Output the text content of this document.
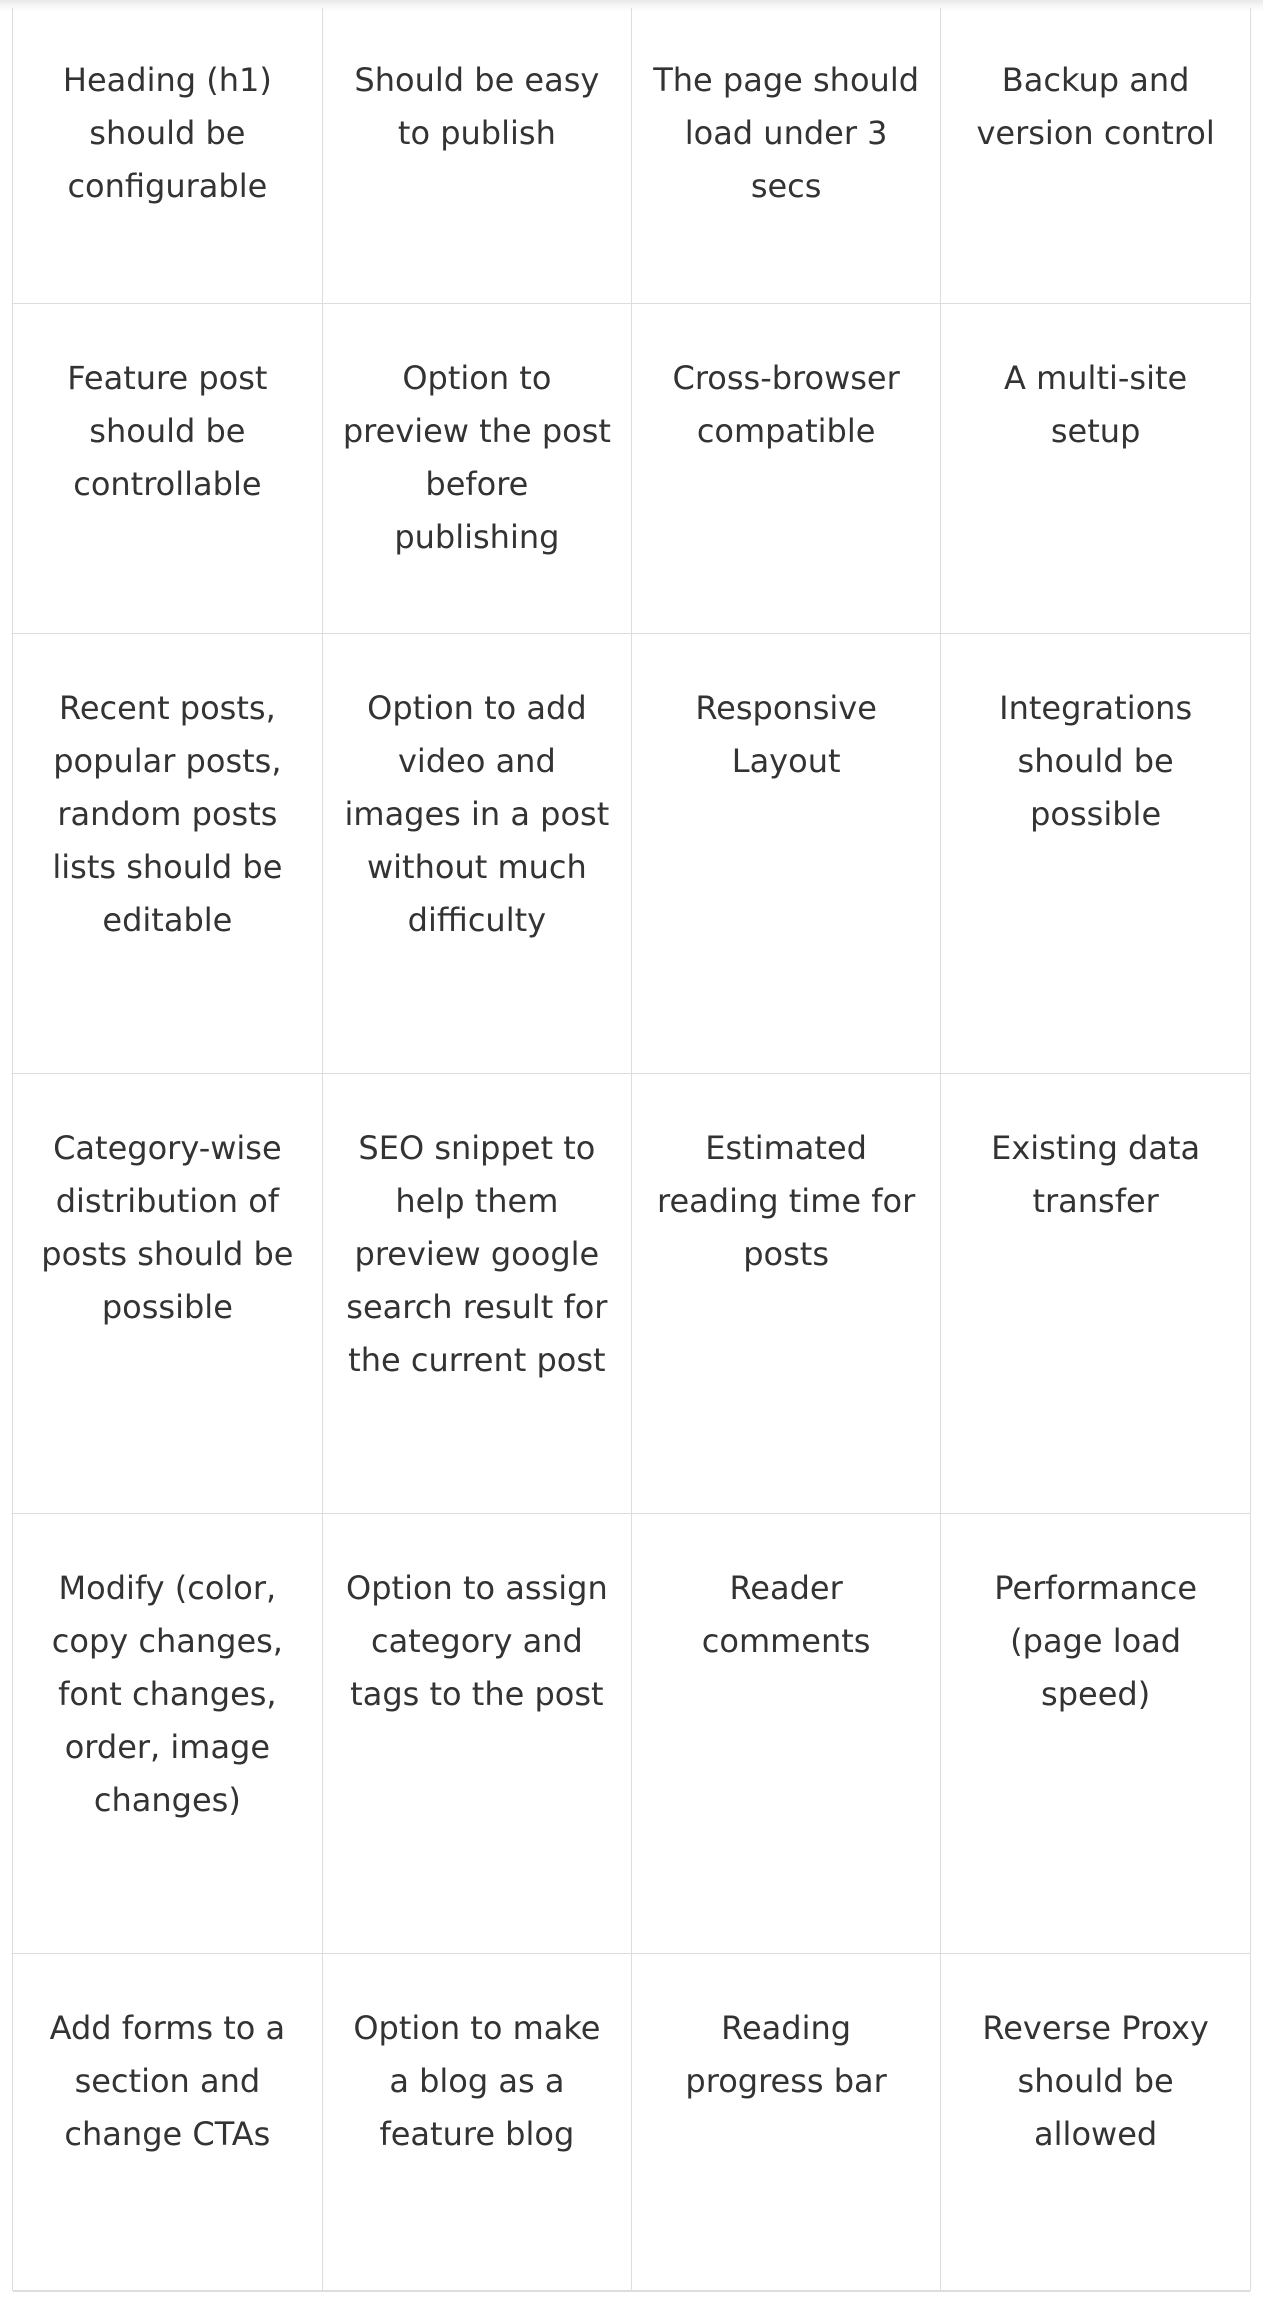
Heading (h1) should be configurable	Should be easy to publish	The page should load under 3 secs	Backup and version control
Feature post should be controllable	Option to preview the post before publishing	Cross-browser compatible	A multi-site setup
Recent posts, popular posts, random posts lists should be editable	Option to add video and images in a post without much difficulty	Responsive Layout	Integrations should be possible
Category-wise distribution of posts should be possible	SEO snippet to help them preview google search result for the current post	Estimated reading time for posts	Existing data transfer
Modify (color, copy changes, font changes, order, image changes)	Option to assign category and tags to the post	Reader comments	Performance (page load speed)
Add forms to a section and change CTAs	Option to make a blog as a feature blog	Reading progress bar	Reverse Proxy should be allowed
